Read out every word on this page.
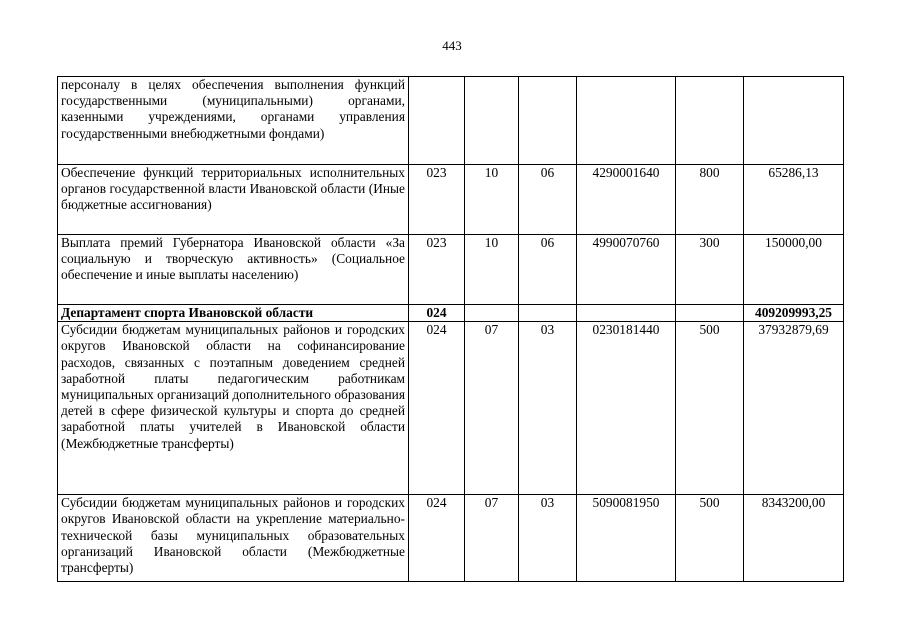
443
персоналу в целях обеспечения выполнения функций государственными (муниципальными) органами, казенными учреждениями, органами управления государственными внебюджетными фондами)						
Обеспечение функций территориальных исполнительных органов государственной власти Ивановской области (Иные бюджетные ассигнования)	023	10	06	4290001640	800	65286,13
Выплата премий Губернатора Ивановской области «За социальную и творческую активность» (Социальное обеспечение и иные выплаты населению)	023	10	06	4990070760	300	150000,00
Департамент спорта Ивановской области	024					409209993,25
Субсидии бюджетам муниципальных районов и городских округов Ивановской области на софинансирование расходов, связанных с поэтапным доведением средней заработной платы педагогическим работникам муниципальных организаций дополнительного образования детей в сфере физической культуры и спорта до средней заработной платы учителей в Ивановской области (Межбюджетные трансферты)	024	07	03	0230181440	500	37932879,69
Субсидии бюджетам муниципальных районов и городских округов Ивановской области на укрепление материально-технической базы муниципальных образовательных организаций Ивановской области (Межбюджетные трансферты)	024	07	03	5090081950	500	8343200,00
